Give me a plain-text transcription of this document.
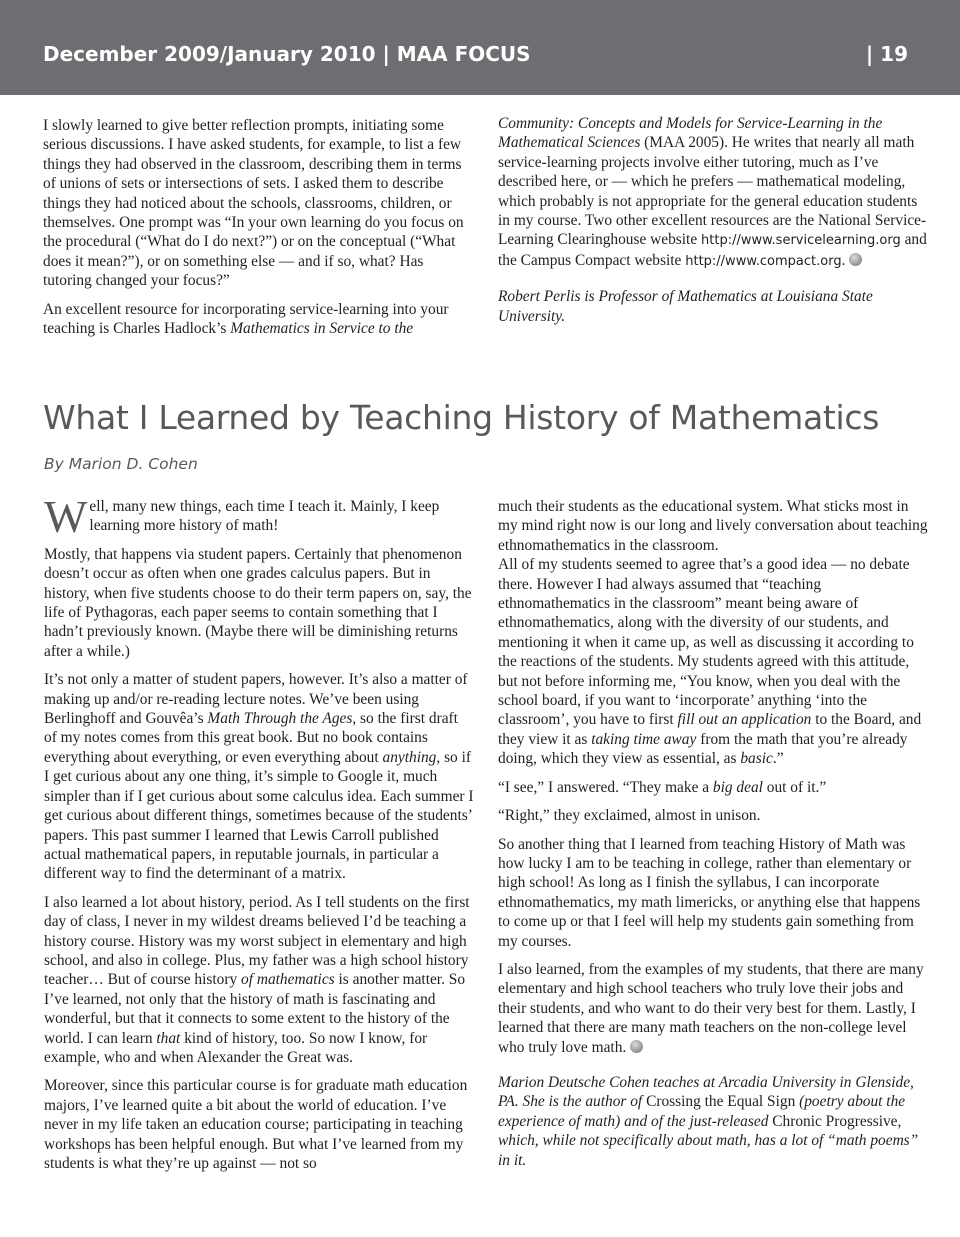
December 2009/January 2010 | MAA FOCUS	| 19

I slowly learned to give better reflection prompts, initiating some serious discussions. I have asked students, for example, to list a few things they had observed in the classroom, describing them in terms of unions of sets or intersections of sets. I asked them to describe things they had noticed about the schools, classrooms, children, or themselves. One prompt was “In your own learning do you focus on the procedural (“What do I do next?”) or on the conceptual (“What does it mean?”), or on something else — and if so, what? Has tutoring changed your focus?”

An excellent resource for incorporating service-learning into your teaching is Charles Hadlock’s Mathematics in Service to the

Community: Concepts and Models for Service-Learning in the Mathematical Sciences (MAA 2005). He writes that nearly all math service-learning projects involve either tutoring, much as I’ve described here, or — which he prefers — mathematical modeling, which probably is not appropriate for the general education students in my course. Two other excellent resources are the National Service-Learning Clearinghouse website http://www.servicelearning.org and the Campus Compact website http://www.compact.org.

Robert Perlis is Professor of Mathematics at Louisiana State University.

What I Learned by Teaching History of Mathematics
By Marion D. Cohen

Well, many new things, each time I teach it. Mainly, I keep learning more history of math!

Mostly, that happens via student papers. Certainly that phenomenon doesn’t occur as often when one grades calculus papers. But in history, when five students choose to do their term papers on, say, the life of Pythagoras, each paper seems to contain something that I hadn’t previously known. (Maybe there will be diminishing returns after a while.)

It’s not only a matter of student papers, however. It’s also a matter of making up and/or re-reading lecture notes. We’ve been using Berlinghoff and Gouvêa’s Math Through the Ages, so the first draft of my notes comes from this great book. But no book contains everything about everything, or even everything about anything, so if I get curious about any one thing, it’s simple to Google it, much simpler than if I get curious about some calculus idea. Each summer I get curious about different things, sometimes because of the students’ papers. This past summer I learned that Lewis Carroll published actual mathematical papers, in reputable journals, in particular a different way to find the determinant of a matrix.

I also learned a lot about history, period. As I tell students on the first day of class, I never in my wildest dreams believed I’d be teaching a history course. History was my worst subject in elementary and high school, and also in college. Plus, my father was a high school history teacher… But of course history of mathematics is another matter. So I’ve learned, not only that the history of math is fascinating and wonderful, but that it connects to some extent to the history of the world. I can learn that kind of history, too. So now I know, for example, who and when Alexander the Great was.

Moreover, since this particular course is for graduate math education majors, I’ve learned quite a bit about the world of education. I’ve never in my life taken an education course; participating in teaching workshops has been helpful enough. But what I’ve learned from my students is what they’re up against — not so

much their students as the educational system. What sticks most in my mind right now is our long and lively conversation about teaching ethnomathematics in the classroom.

All of my students seemed to agree that’s a good idea — no debate there. However I had always assumed that “teaching ethnomathematics in the classroom” meant being aware of ethnomathematics, along with the diversity of our students, and mentioning it when it came up, as well as discussing it according to the reactions of the students. My students agreed with this attitude, but not before informing me, “You know, when you deal with the school board, if you want to ‘incorporate’ anything ‘into the classroom’, you have to first fill out an application to the Board, and they view it as taking time away from the math that you’re already doing, which they view as essential, as basic.”

“I see,” I answered. “They make a big deal out of it.”

“Right,” they exclaimed, almost in unison.

So another thing that I learned from teaching History of Math was how lucky I am to be teaching in college, rather than elementary or high school! As long as I finish the syllabus, I can incorporate ethnomathematics, my math limericks, or anything else that happens to come up or that I feel will help my students gain something from my courses.

I also learned, from the examples of my students, that there are many elementary and high school teachers who truly love their jobs and their students, and who want to do their very best for them. Lastly, I learned that there are many math teachers on the non-college level who truly love math.

Marion Deutsche Cohen teaches at Arcadia University in Glenside, PA. She is the author of Crossing the Equal Sign (poetry about the experience of math) and of the just-released Chronic Progressive, which, while not specifically about math, has a lot of “math poems” in it.
